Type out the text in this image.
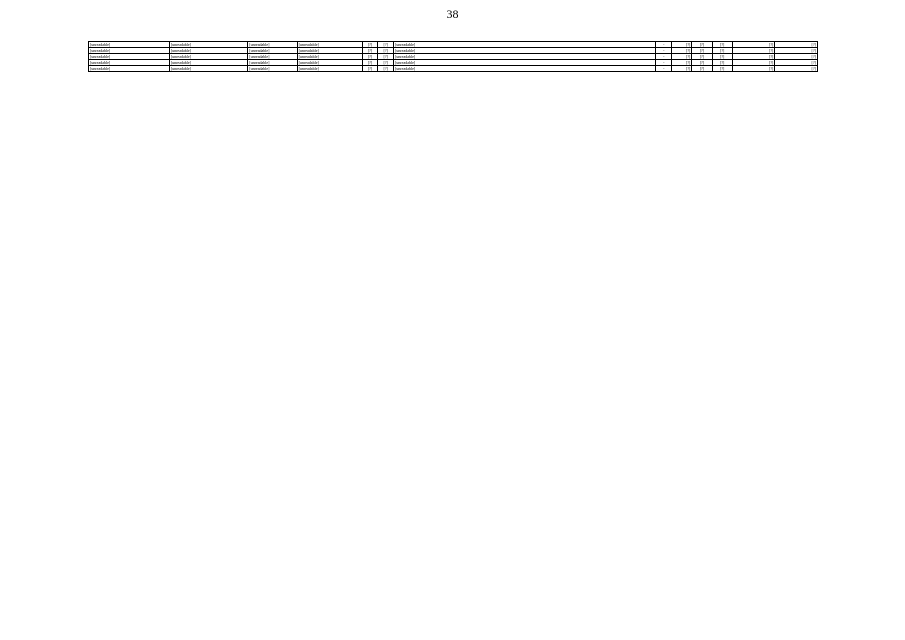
38
[unreadable]	[unreadable]	[unreadable]	[unreadable]	[?]	[?]	[unreadable]	-	[?]	[?]	[?]	[?]	[?]
[unreadable]	[unreadable]	[unreadable]	[unreadable]	[?]	[?]	[unreadable]	-	[?]	[?]	[?]	[?]	[?]
[unreadable]	[unreadable]	[unreadable]	[unreadable]	[?]	[?]	[unreadable]	-	[?]	[?]	[?]	[?]	[?]
[unreadable]	[unreadable]	[unreadable]	[unreadable]	[?]	[?]	[unreadable]	-	[?]	[?]	[?]	[?]	[?]
[unreadable]	[unreadable]	[unreadable]	[unreadable]	[?]	[?]	[unreadable]	-	[?]	[?]	[?]	[?]	[?]
